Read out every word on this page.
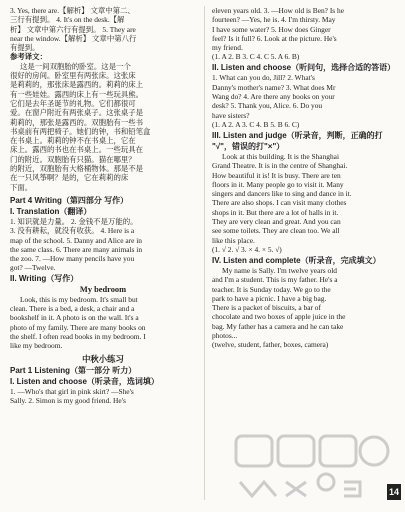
3. Yes, there are.【解析】 文章中第二、

三行有提到。 4. It's on the desk.【解

析】 文章中第六行有提到。 5. They are

near the window.【解析】 文章中第八行

有提到。

参考译文：

这是一间双胞胎的卧室。这是一个

很好的房间。卧室里有两张床。这张床

是莉莉的，那张床是露西的。莉莉的床上

有一些娃娃。露西的床上有一些玩具熊。

它们是去年圣诞节的礼物。它们都很可

爱。在窗户附近有两张桌子。这张桌子是

莉莉的，那张是露西的。双胞胎有一些书

书桌前有两把椅子。她们的钟，书和铅笔盒

在书桌上。莉莉的钟不在书桌上，它在

床上。露西的书也在书桌上。一些玩具在

门的附近。双胞胎有只猫。猫在哪里？

的附近，双胞胎有大格桶物体。那是不是

在一只风筝啊？是的，它在莉莉的床

下面。

Part 4 Writing（第四部分 写作）

I. Translation（翻译）

1. 知识就是力量。 2. 金钱不是万能的。

3. 没有耕耘，就没有收获。 4. Here is a

map of the school. 5. Danny and Alice are in

the same class. 6. There are many animals in

the zoo. 7. —How many pencils have you

got? —Twelve.

II. Writing（写作）

My bedroom

Look, this is my bedroom. It's small but

clean. There is a bed, a desk, a chair and a

bookshelf in it. A photo is on the wall. It's a

photo of my family. There are many books on

the shelf. I often read books in my bedroom. I

like my bedroom.

中秋小练习

Part 1 Listening（第一部分 听力）

I. Listen and choose（听录音，选词填）

1. —Who's that girl in pink skirt? —She's

Sally. 2. Simon is my good friend. He's

eleven years old. 3. —How old is Ben? Is he

fourteen? —Yes, he is. 4. I'm thirsty. May

I have some water? 5. How does Ginger

feel? Is it full? 6. Look at the picture. He's

my friend.

(1. A 2. B 3. C 4. C 5. A 6. B)

II. Listen and choose（听问句，选择合适的答语）

1. What can you do, Jill? 2. What's

Danny's mother's name? 3. What does Mr

Wang do? 4. Are there any books on your

desk? 5. Thank you, Alice. 6. Do you

have sisters?

(1. A 2. A 3. C 4. B 5. B 6. C)

III. Listen and judge（听录音，判断，正确的打

"√"，错误的打"×"）

Look at this building. It is the Shanghai

Grand Theatre. It is in the centre of Shanghai.

How beautiful it is! It is busy. There are ten

floors in it. Many people go to visit it. Many

singers and dancers like to sing and dance in it.

There are also shops. I can visit many clothes

shops in it. But there are a lot of halls in it.

They are very clean and great. And you can

see some toilets. They are clean too. We all

like this place.

(1. √ 2. √ 3. × 4. × 5. √)

IV. Listen and complete（听录音，完成填文）

My name is Sally. I'm twelve years old

and I'm a student. This is my father. He's a

teacher. It is Sunday today. We go to the

park to have a picnic. I have a big bag.

There is a packet of biscuits, a bar of

chocolate and two boxes of apple juice in the

bag. My father has a camera and he can take

photos...

(twelve, student, father, boxes, camera)

14
